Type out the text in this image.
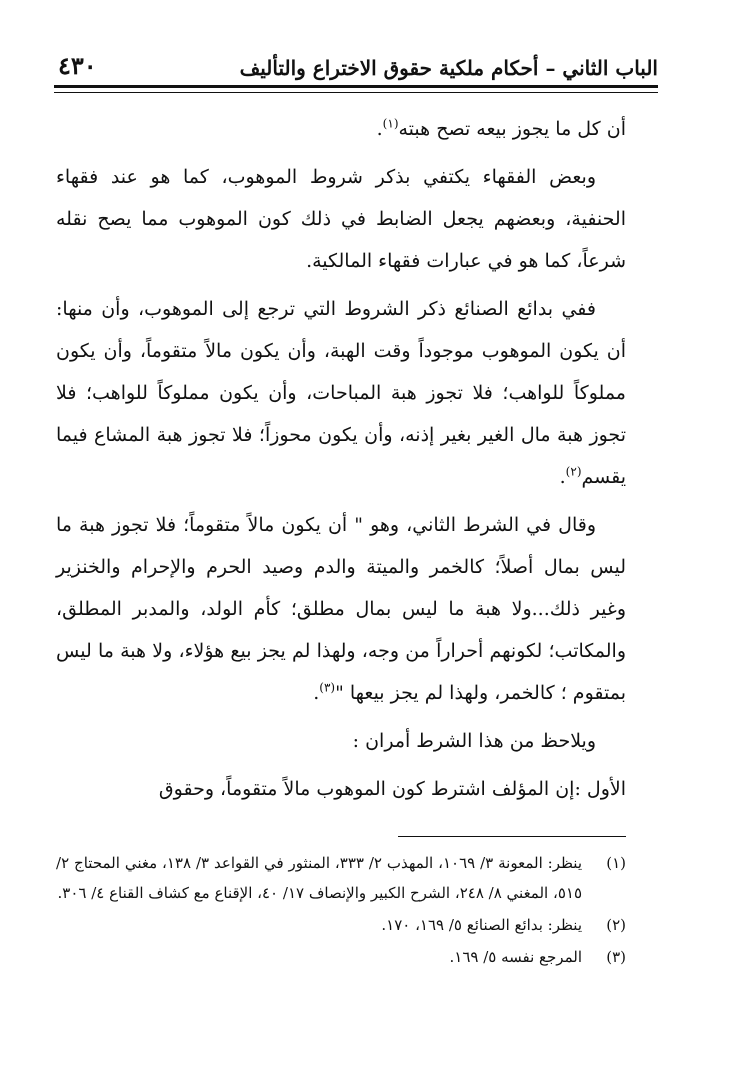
٤٣٠	الباب الثاني – أحكام ملكية حقوق الاختراع والتأليف

أن كل ما يجوز بيعه تصح هبته$^{(١)}$.

وبعض الفقهاء يكتفي بذكر شروط الموهوب، كما هو عند فقهاء الحنفية، وبعضهم يجعل الضابط في ذلك كون الموهوب مما يصح نقله شرعاً، كما هو في عبارات فقهاء المالكية.

ففي بدائع الصنائع ذكر الشروط التي ترجع إلى الموهوب، وأن منها: أن يكون الموهوب موجوداً وقت الهبة، وأن يكون مالاً متقوماً، وأن يكون مملوكاً للواهب؛ فلا تجوز هبة المباحات، وأن يكون مملوكاً للواهب؛ فلا تجوز هبة مال الغير بغير إذنه، وأن يكون محوزاً؛ فلا تجوز هبة المشاع فيما يقسم$^{(٢)}$.

وقال في الشرط الثاني، وهو " أن يكون مالاً متقوماً؛ فلا تجوز هبة ما ليس بمال أصلاً؛ كالخمر والميتة والدم وصيد الحرم والإحرام والخنزير وغير ذلك...ولا هبة ما ليس بمال مطلق؛ كأم الولد، والمدبر المطلق، والمكاتب؛ لكونهم أحراراً من وجه، ولهذا لم يجز بيع هؤلاء، ولا هبة ما ليس بمتقوم ؛ كالخمر، ولهذا لم يجز بيعها "$^{(٣)}$.

ويلاحظ من هذا الشرط أمران :

الأول :إن المؤلف اشترط كون الموهوب مالاً متقوماً، وحقوق

(١)
ينظر: المعونة ٣/ ١٠٦٩، المهذب ٢/ ٣٣٣، المنثور في القواعد ٣/ ١٣٨، مغني المحتاج ٢/ ٥١٥، المغني ٨/ ٢٤٨، الشرح الكبير والإنصاف ١٧/ ٤٠، الإقناع مع كشاف القناع ٤/ ٣٠٦.
(٢)
ينظر: بدائع الصنائع ٥/ ١٦٩، ١٧٠.
(٣)
المرجع نفسه ٥/ ١٦٩.
